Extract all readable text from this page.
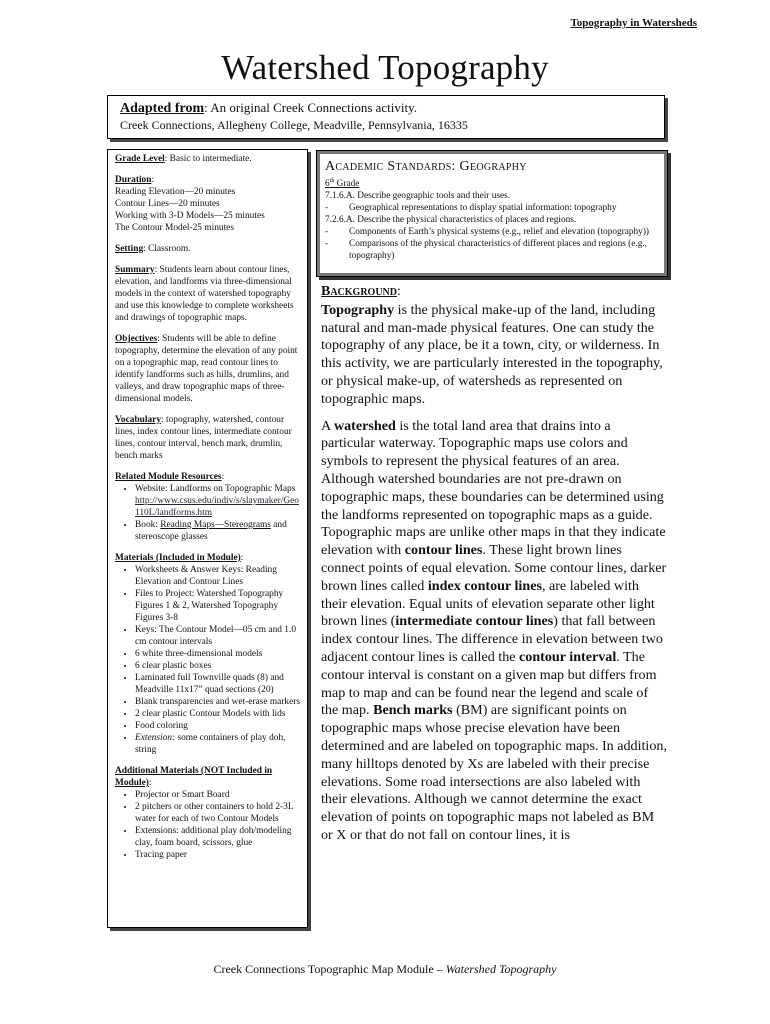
Topography in Watersheds
Watershed Topography
Adapted from: An original Creek Connections activity.
Creek Connections, Allegheny College, Meadville, Pennsylvania, 16335
Grade Level: Basic to intermediate.
Duration:
Reading Elevation—20 minutes
Contour Lines—20 minutes
Working with 3-D Models—25 minutes
The Contour Model-25 minutes
Setting: Classroom.
Summary: Students learn about contour lines, elevation, and landforms via three-dimensional models in the context of watershed topography and use this knowledge to complete worksheets and drawings of topographic maps.
Objectives: Students will be able to define topography, determine the elevation of any point on a topographic map, read contour lines to identify landforms such as hills, drumlins, and valleys, and draw topographic maps of three-dimensional models.
Vocabulary: topography, watershed, contour lines, index contour lines, intermediate contour lines, contour interval, bench mark, drumlin, bench marks
Related Module Resources:
• Website: Landforms on Topographic Maps
http://www.csus.edu/indiv/s/slaymaker/Geo110L/landforms.htm
• Book: Reading Maps—Stereograms and stereoscope glasses
Materials (Included in Module):
• Worksheets & Answer Keys: Reading Elevation and Contour Lines
• Files to Project: Watershed Topography Figures 1 & 2, Watershed Topography Figures 3-8
• Keys: The Contour Model—05 cm and 1.0 cm contour intervals
• 6 white three-dimensional models
• 6 clear plastic boxes
• Laminated full Townville quads (8) and Meadville 11x17” quad sections (20)
• Blank transparencies and wet-erase markers
• 2 clear plastic Contour Models with lids
• Food coloring
• Extension: some containers of play doh, string
Additional Materials (NOT Included in Module):
• Projector or Smart Board
• 2 pitchers or other containers to hold 2-3L water for each of two Contour Models
• Extensions: additional play doh/modeling clay, foam board, scissors, glue
• Tracing paper
Academic Standards: Geography
6th Grade
7.1.6.A. Describe geographic tools and their uses.
-	Geographical representations to display spatial information: topography
7.2.6.A. Describe the physical characteristics of places and regions.
-	Components of Earth’s physical systems (e.g., relief and elevation (topography))
-	Comparisons of the physical characteristics of different places and regions (e.g., topography)
Background:

Topography is the physical make-up of the land, including natural and man-made physical features. One can study the topography of any place, be it a town, city, or wilderness. In this activity, we are particularly interested in the topography, or physical make-up, of watersheds as represented on topographic maps.

A watershed is the total land area that drains into a particular waterway. Topographic maps use colors and symbols to represent the physical features of an area. Although watershed boundaries are not pre-drawn on topographic maps, these boundaries can be determined using the landforms represented on topographic maps as a guide. Topographic maps are unlike other maps in that they indicate elevation with contour lines. These light brown lines connect points of equal elevation. Some contour lines, darker brown lines called index contour lines, are labeled with their elevation. Equal units of elevation separate other light brown lines (intermediate contour lines) that fall between index contour lines. The difference in elevation between two adjacent contour lines is called the contour interval. The contour interval is constant on a given map but differs from map to map and can be found near the legend and scale of the map. Bench marks (BM) are significant points on topographic maps whose precise elevation have been determined and are labeled on topographic maps. In addition, many hilltops denoted by Xs are labeled with their precise elevations. Some road intersections are also labeled with their elevations. Although we cannot determine the exact elevation of points on topographic maps not labeled as BM or X or that do not fall on contour lines, it is

Creek Connections Topographic Map Module – Watershed Topography
